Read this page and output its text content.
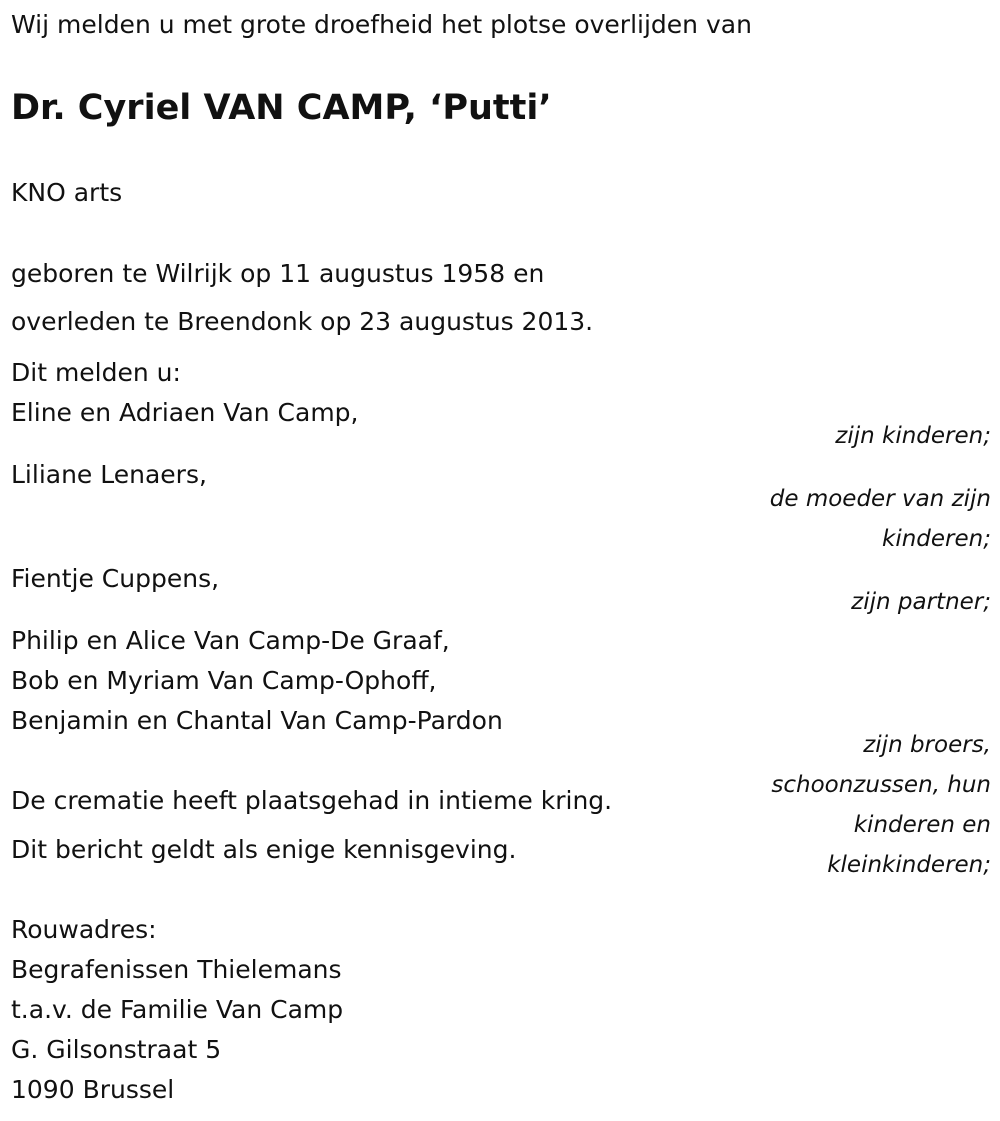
Wij melden u met grote droefheid het plotse overlijden van

Dr. Cyriel VAN CAMP, ‘Putti’

KNO arts

geboren te Wilrijk op 11 augustus 1958 en

overleden te Breendonk op 23 augustus 2013.

Dit melden u:

Eline en Adriaen Van Camp,

zijn kinderen;

Liliane Lenaers,

de moeder van zijn

kinderen;

Fientje Cuppens,

zijn partner;

Philip en Alice Van Camp-De Graaf,

Bob en Myriam Van Camp-Ophoff,

Benjamin en Chantal Van Camp-Pardon

zijn broers,

schoonzussen, hun

kinderen en

kleinkinderen;

De crematie heeft plaatsgehad in intieme kring.

Dit bericht geldt als enige kennisgeving.

Rouwadres:

Begrafenissen Thielemans

t.a.v. de Familie Van Camp

G. Gilsonstraat 5

1090 Brussel
